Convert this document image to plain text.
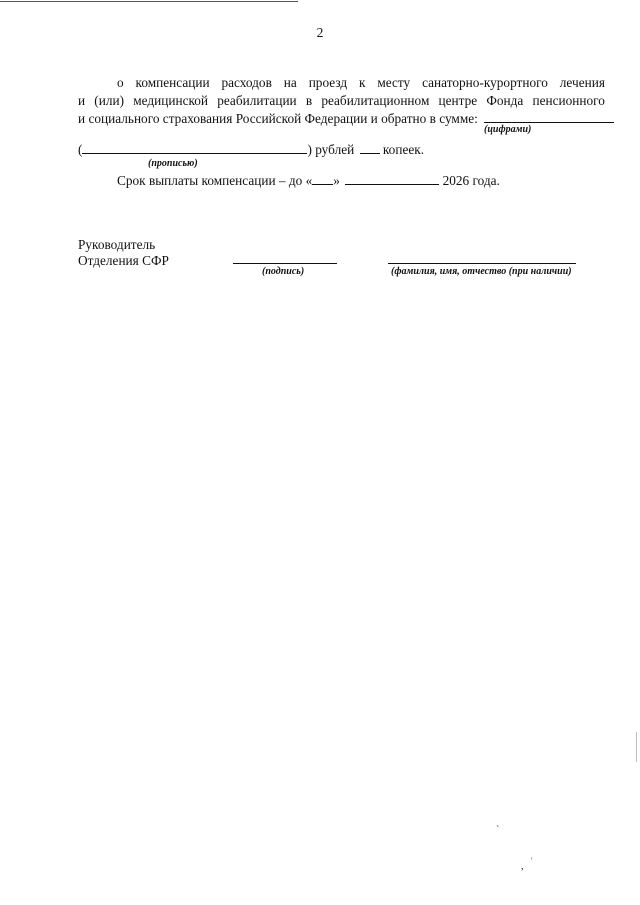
2
о компенсации расходов на проезд к месту санаторно-курортного лечения
и (или) медицинской реабилитации в реабилитационном центре Фонда пенсионного
и социального страхования Российской Федерации и обратно в сумме:
(цифрами)
(	) рублей копеек.
(прописью)
Срок выплаты компенсации – до « »	2026 года.
Руководитель
Отделения СФР
(подпись)	(фамилия, имя, отчество (при наличии)
ˋ
, ʾ
